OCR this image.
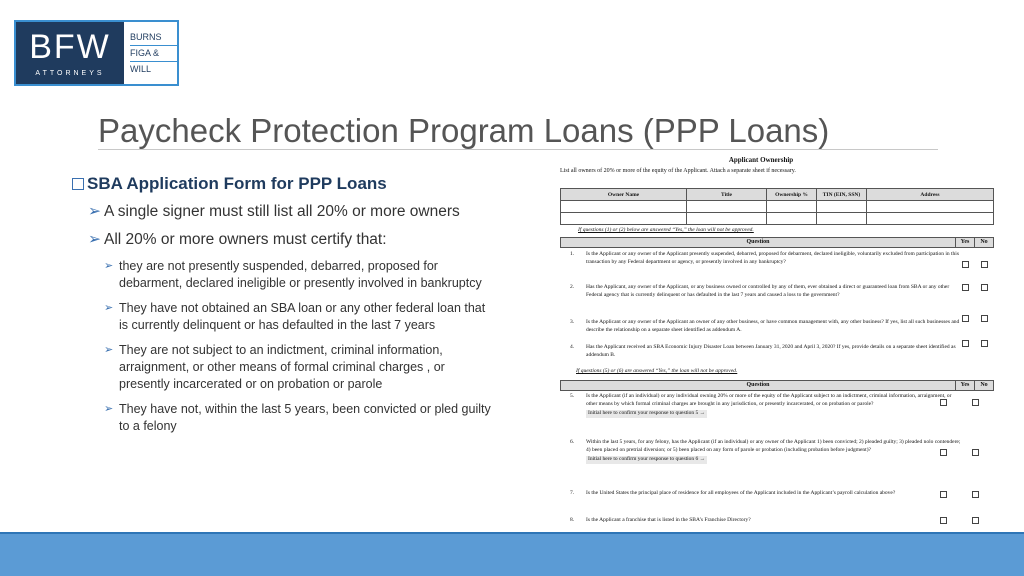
BFW
ATTORNEYS
BURNS
FIGA &
WILL
Paycheck Protection Program Loans (PPP Loans)
SBA Application Form for PPP Loans
➢ A single signer must still list all 20% or more owners
➢ All 20% or more owners must certify that:
➢ they are not presently suspended, debarred, proposed for debarment, declared ineligible or presently involved in bankruptcy
➢ They have not obtained an SBA loan or any other federal loan that is currently delinquent or has defaulted in the last 7 years
➢ They are not subject to an indictment, criminal information, arraignment, or other means of formal criminal charges , or presently incarcerated or on probation or parole
➢ They have not, within the last 5 years, been convicted or pled guilty to a felony
Applicant Ownership
List all owners of 20% or more of the equity of the Applicant. Attach a separate sheet if necessary.
Owner Name	Title	Ownership %	TIN (EIN, SSN)	Address

If questions (1) or (2) below are answered “Yes,” the loan will not be approved.
Question	Yes	No
1.	Is the Applicant or any owner of the Applicant presently suspended, debarred, proposed for debarment, declared ineligible, voluntarily excluded from participation in this transaction by any Federal department or agency, or presently involved in any bankruptcy?
2.	Has the Applicant, any owner of the Applicant, or any business owned or controlled by any of them, ever obtained a direct or guaranteed loan from SBA or any other Federal agency that is currently delinquent or has defaulted in the last 7 years and caused a loss to the government?
3.	Is the Applicant or any owner of the Applicant an owner of any other business, or have common management with, any other business? If yes, list all such businesses and describe the relationship on a separate sheet identified as addendum A.
4.	Has the Applicant received an SBA Economic Injury Disaster Loan between January 31, 2020 and April 3, 2020? If yes, provide details on a separate sheet identified as addendum B.
If questions (5) or (6) are answered “Yes,” the loan will not be approved.
Question	Yes	No
5.	Is the Applicant (if an individual) or any individual owning 20% or more of the equity of the Applicant subject to an indictment, criminal information, arraignment, or other means by which formal criminal charges are brought in any jurisdiction, or presently incarcerated, or on probation or parole?
Initial here to confirm your response to question 5 →
6.	Within the last 5 years, for any felony, has the Applicant (if an individual) or any owner of the Applicant 1) been convicted; 2) pleaded guilty; 3) pleaded nolo contendere; 4) been placed on pretrial diversion; or 5) been placed on any form of parole or probation (including probation before judgment)?
Initial here to confirm your response to question 6 →
7.	Is the United States the principal place of residence for all employees of the Applicant included in the Applicant’s payroll calculation above?
8.	Is the Applicant a franchise that is listed in the SBA’s Franchise Directory?
